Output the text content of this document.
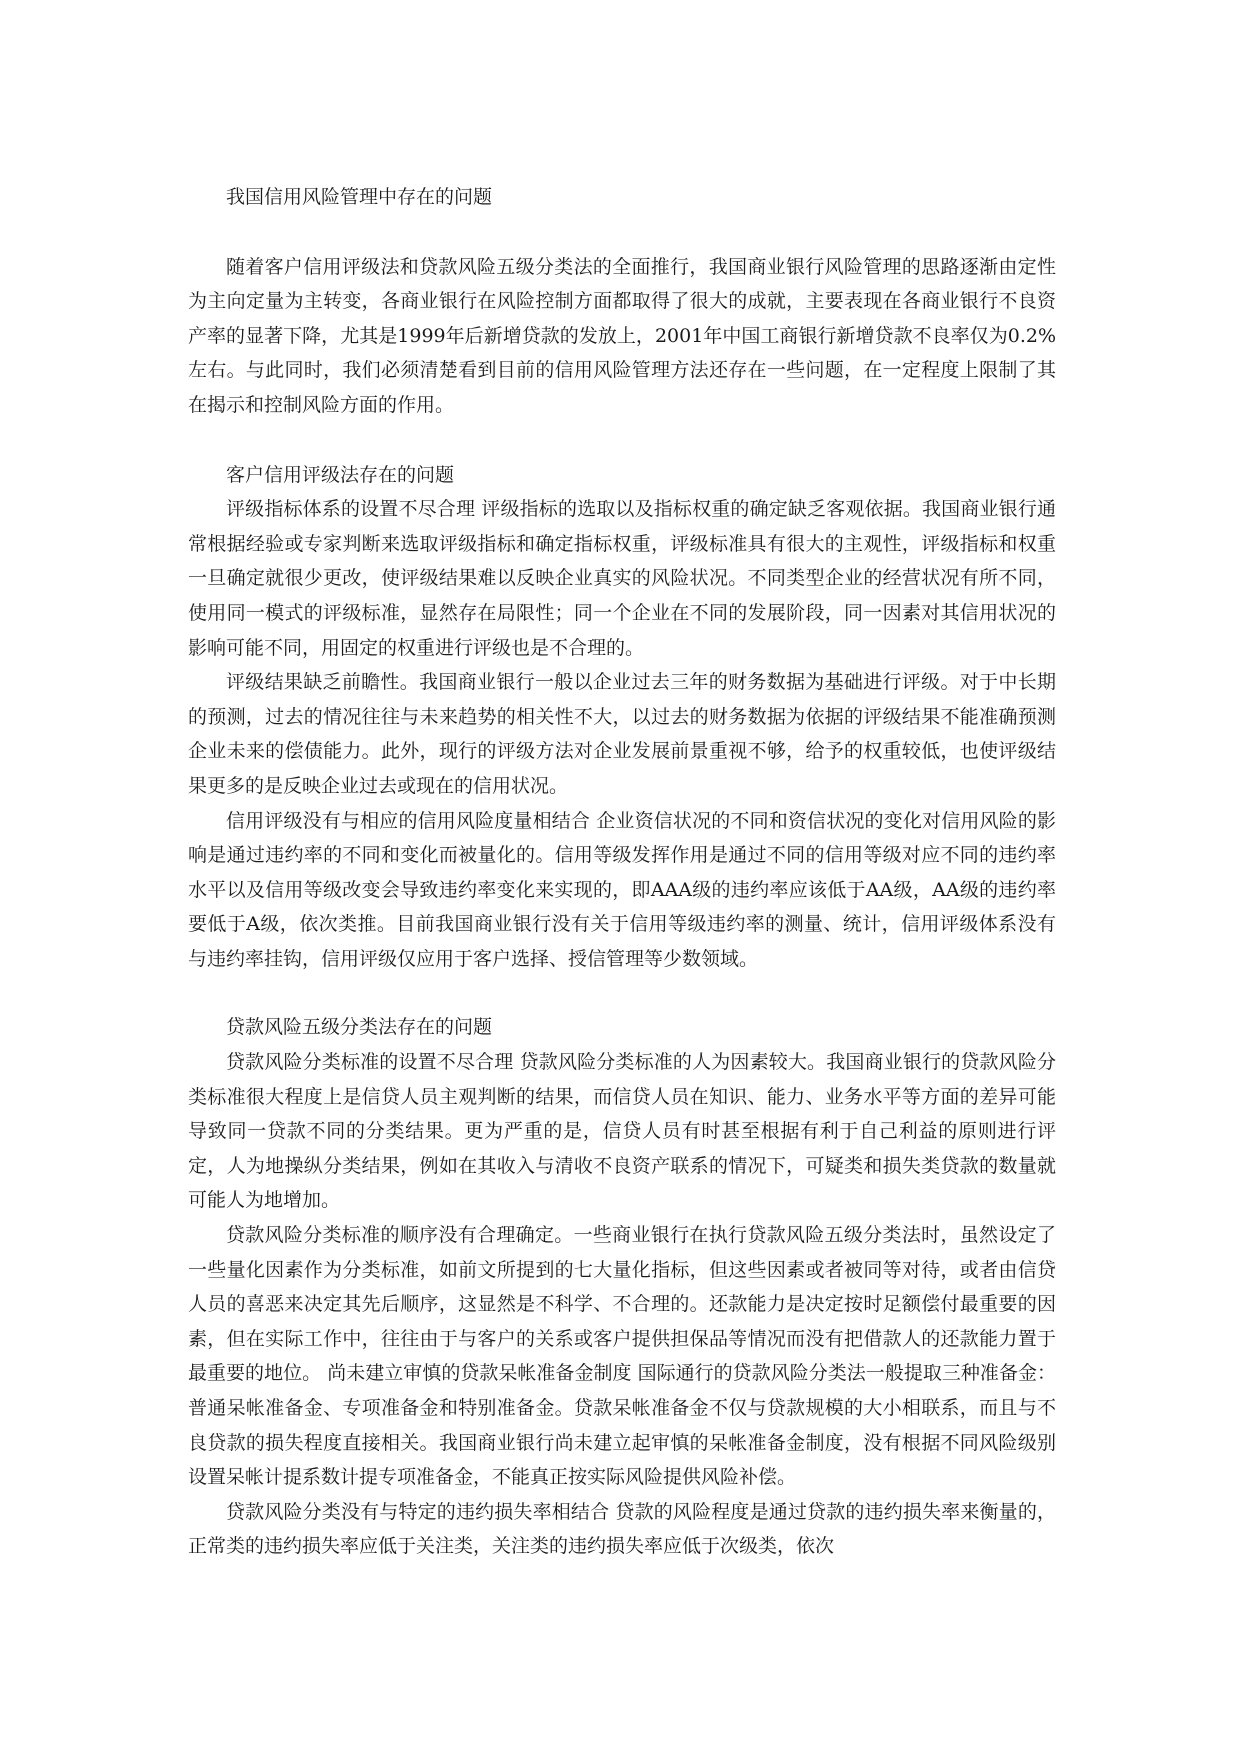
我国信用风险管理中存在的问题

随着客户信用评级法和贷款风险五级分类法的全面推行，我国商业银行风险管理的思路逐渐由定性为主向定量为主转变，各商业银行在风险控制方面都取得了很大的成就，主要表现在各商业银行不良资产率的显著下降，尤其是1999年后新增贷款的发放上，2001年中国工商银行新增贷款不良率仅为0.2%左右。与此同时，我们必须清楚看到目前的信用风险管理方法还存在一些问题，在一定程度上限制了其在揭示和控制风险方面的作用。

客户信用评级法存在的问题

评级指标体系的设置不尽合理 评级指标的选取以及指标权重的确定缺乏客观依据。我国商业银行通常根据经验或专家判断来选取评级指标和确定指标权重，评级标准具有很大的主观性，评级指标和权重一旦确定就很少更改，使评级结果难以反映企业真实的风险状况。不同类型企业的经营状况有所不同，使用同一模式的评级标准，显然存在局限性；同一个企业在不同的发展阶段，同一因素对其信用状况的影响可能不同，用固定的权重进行评级也是不合理的。

评级结果缺乏前瞻性。我国商业银行一般以企业过去三年的财务数据为基础进行评级。对于中长期的预测，过去的情况往往与未来趋势的相关性不大，以过去的财务数据为依据的评级结果不能准确预测企业未来的偿债能力。此外，现行的评级方法对企业发展前景重视不够，给予的权重较低，也使评级结果更多的是反映企业过去或现在的信用状况。

信用评级没有与相应的信用风险度量相结合 企业资信状况的不同和资信状况的变化对信用风险的影响是通过违约率的不同和变化而被量化的。信用等级发挥作用是通过不同的信用等级对应不同的违约率水平以及信用等级改变会导致违约率变化来实现的，即AAA级的违约率应该低于AA级，AA级的违约率要低于A级，依次类推。目前我国商业银行没有关于信用等级违约率的测量、统计，信用评级体系没有与违约率挂钩，信用评级仅应用于客户选择、授信管理等少数领域。

贷款风险五级分类法存在的问题

贷款风险分类标准的设置不尽合理 贷款风险分类标准的人为因素较大。我国商业银行的贷款风险分类标准很大程度上是信贷人员主观判断的结果，而信贷人员在知识、能力、业务水平等方面的差异可能导致同一贷款不同的分类结果。更为严重的是，信贷人员有时甚至根据有利于自己利益的原则进行评定，人为地操纵分类结果，例如在其收入与清收不良资产联系的情况下，可疑类和损失类贷款的数量就可能人为地增加。

贷款风险分类标准的顺序没有合理确定。一些商业银行在执行贷款风险五级分类法时，虽然设定了一些量化因素作为分类标准，如前文所提到的七大量化指标，但这些因素或者被同等对待，或者由信贷人员的喜恶来决定其先后顺序，这显然是不科学、不合理的。还款能力是决定按时足额偿付最重要的因素，但在实际工作中，往往由于与客户的关系或客户提供担保品等情况而没有把借款人的还款能力置于最重要的地位。 尚未建立审慎的贷款呆帐准备金制度 国际通行的贷款风险分类法一般提取三种准备金：普通呆帐准备金、专项准备金和特别准备金。贷款呆帐准备金不仅与贷款规模的大小相联系，而且与不良贷款的损失程度直接相关。我国商业银行尚未建立起审慎的呆帐准备金制度，没有根据不同风险级别设置呆帐计提系数计提专项准备金，不能真正按实际风险提供风险补偿。

贷款风险分类没有与特定的违约损失率相结合 贷款的风险程度是通过贷款的违约损失率来衡量的，正常类的违约损失率应低于关注类，关注类的违约损失率应低于次级类，依次
